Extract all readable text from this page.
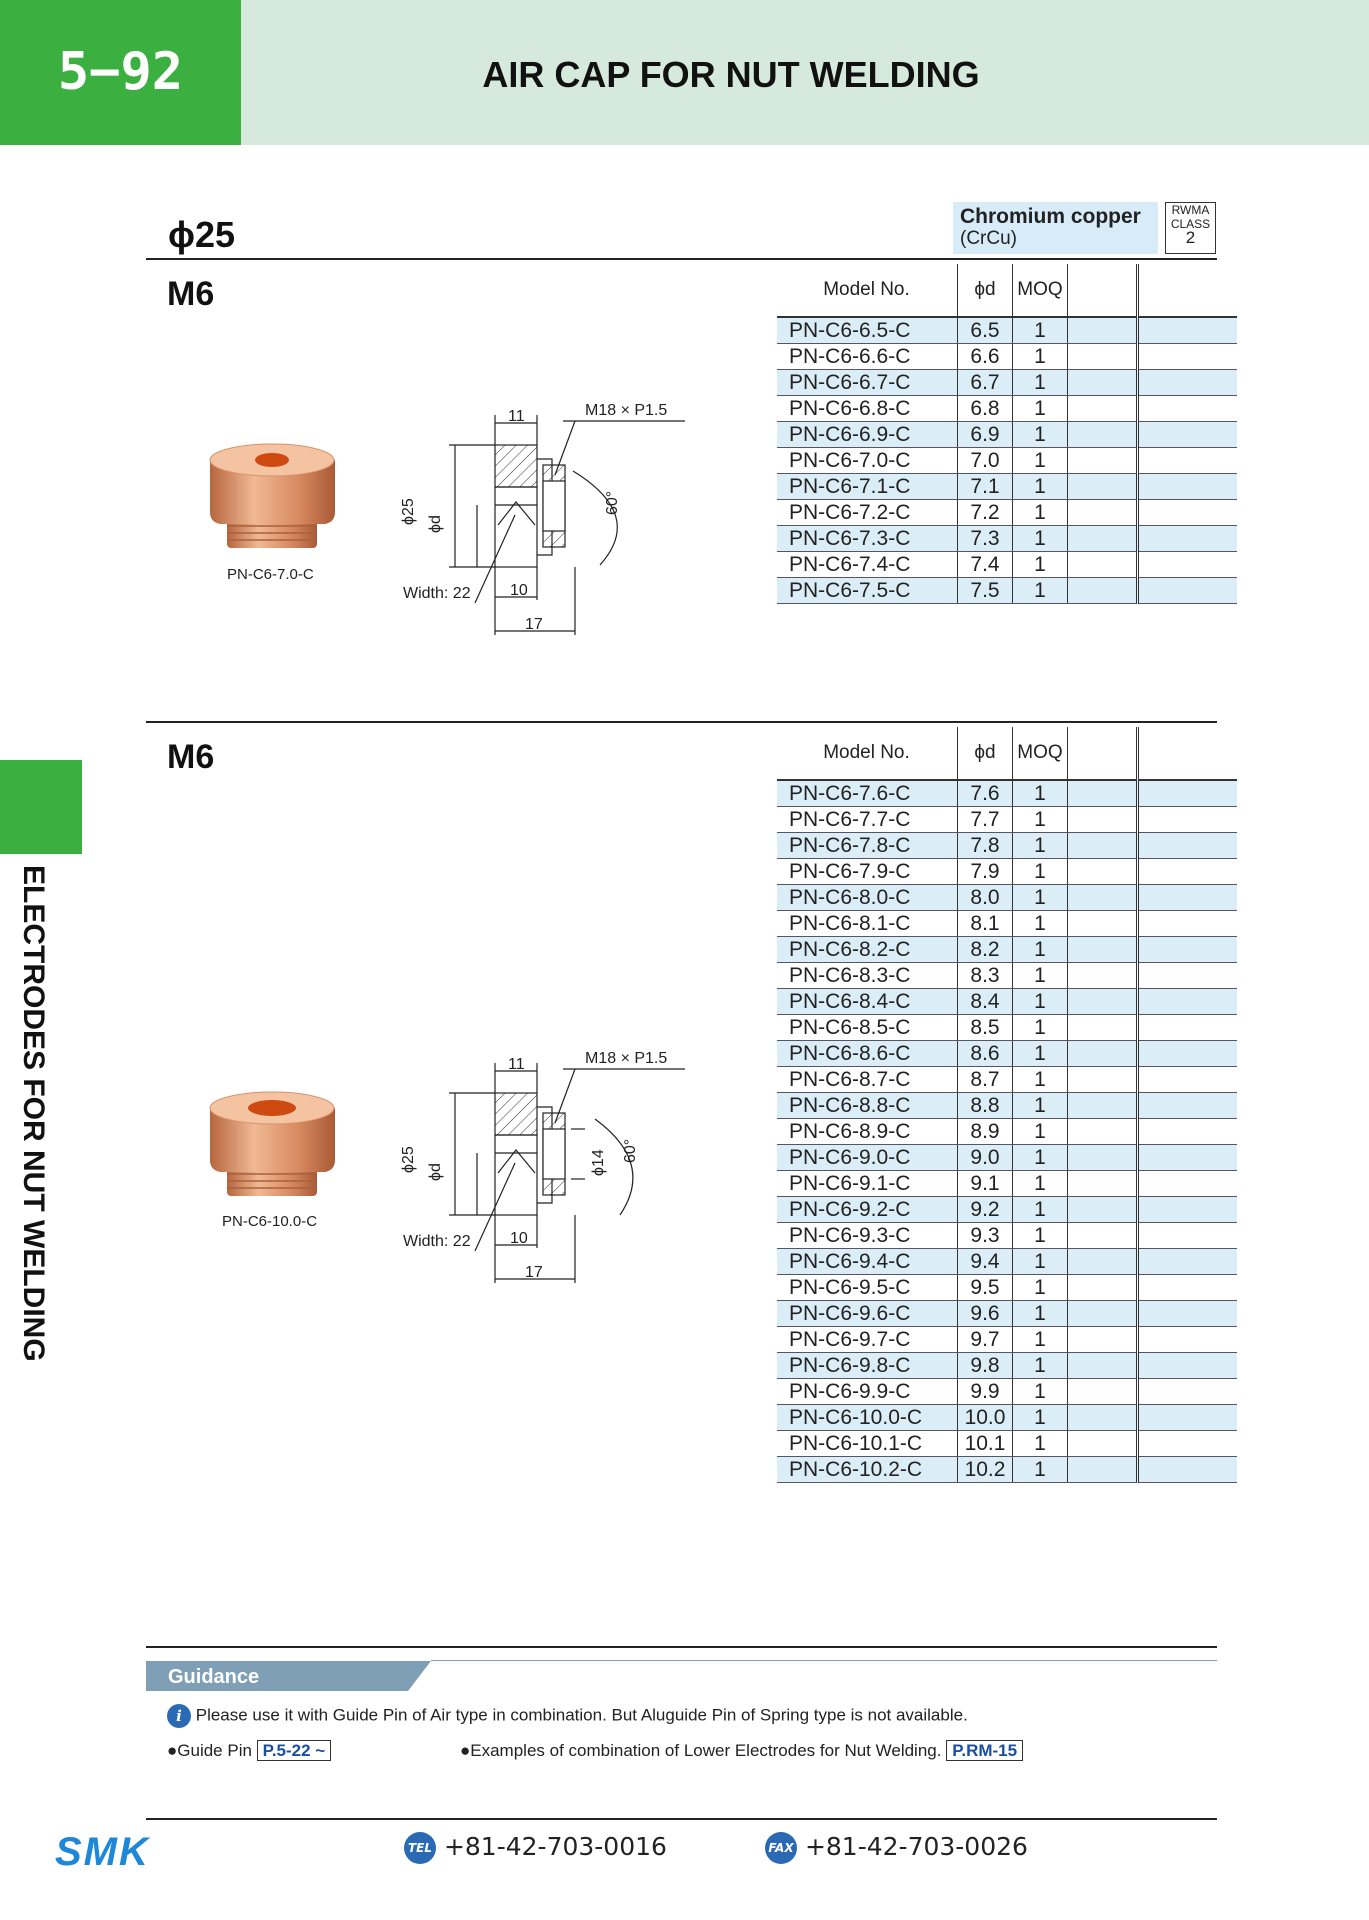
5−92	AIR CAP FOR NUT WELDING
ELECTRODES FOR NUT WELDING
ϕ25	Chromium copper
(CrCu)
RWMA
CLASS
2
M6	Model No.	ϕd	MOQ		
PN-C6-6.5-C	6.5	1		
PN-C6-6.6-C	6.6	1		
PN-C6-6.7-C	6.7	1		
PN-C6-6.8-C	6.8	1		
PN-C6-6.9-C	6.9	1		
PN-C6-7.0-C	7.0	1		
PN-C6-7.1-C	7.1	1		
PN-C6-7.2-C	7.2	1		
PN-C6-7.3-C	7.3	1		
PN-C6-7.4-C	7.4	1		
PN-C6-7.5-C	7.5	1		
PN-C6-7.0-C
11	M18 × P1.5
10
17
Width: 22
ϕ25 ϕd
60°
M6	Model No.	ϕd	MOQ		
PN-C6-7.6-C	7.6	1		
PN-C6-7.7-C	7.7	1		
PN-C6-7.8-C	7.8	1		
PN-C6-7.9-C	7.9	1		
PN-C6-8.0-C	8.0	1		
PN-C6-8.1-C	8.1	1		
PN-C6-8.2-C	8.2	1		
PN-C6-8.3-C	8.3	1		
PN-C6-8.4-C	8.4	1		
PN-C6-8.5-C	8.5	1		
PN-C6-8.6-C	8.6	1		
PN-C6-8.7-C	8.7	1		
PN-C6-8.8-C	8.8	1		
PN-C6-8.9-C	8.9	1		
PN-C6-9.0-C	9.0	1		
PN-C6-9.1-C	9.1	1		
PN-C6-9.2-C	9.2	1		
PN-C6-9.3-C	9.3	1		
PN-C6-9.4-C	9.4	1		
PN-C6-9.5-C	9.5	1		
PN-C6-9.6-C	9.6	1		
PN-C6-9.7-C	9.7	1		
PN-C6-9.8-C	9.8	1		
PN-C6-9.9-C	9.9	1		
PN-C6-10.0-C	10.0	1		
PN-C6-10.1-C	10.1	1		
PN-C6-10.2-C	10.2	1		
PN-C6-10.0-C
11	M18 × P1.5
10
17
Width: 22
ϕ25 ϕd	ϕ14 60°
Guidance
i Please use it with Guide Pin of Air type in combination. But Aluguide Pin of Spring type is not available.
●Guide Pin P.5-22 ~	●Examples of combination of Lower Electrodes for Nut Welding. P.RM-15
SMK	TEL +81-42-703-0016	FAX +81-42-703-0026
